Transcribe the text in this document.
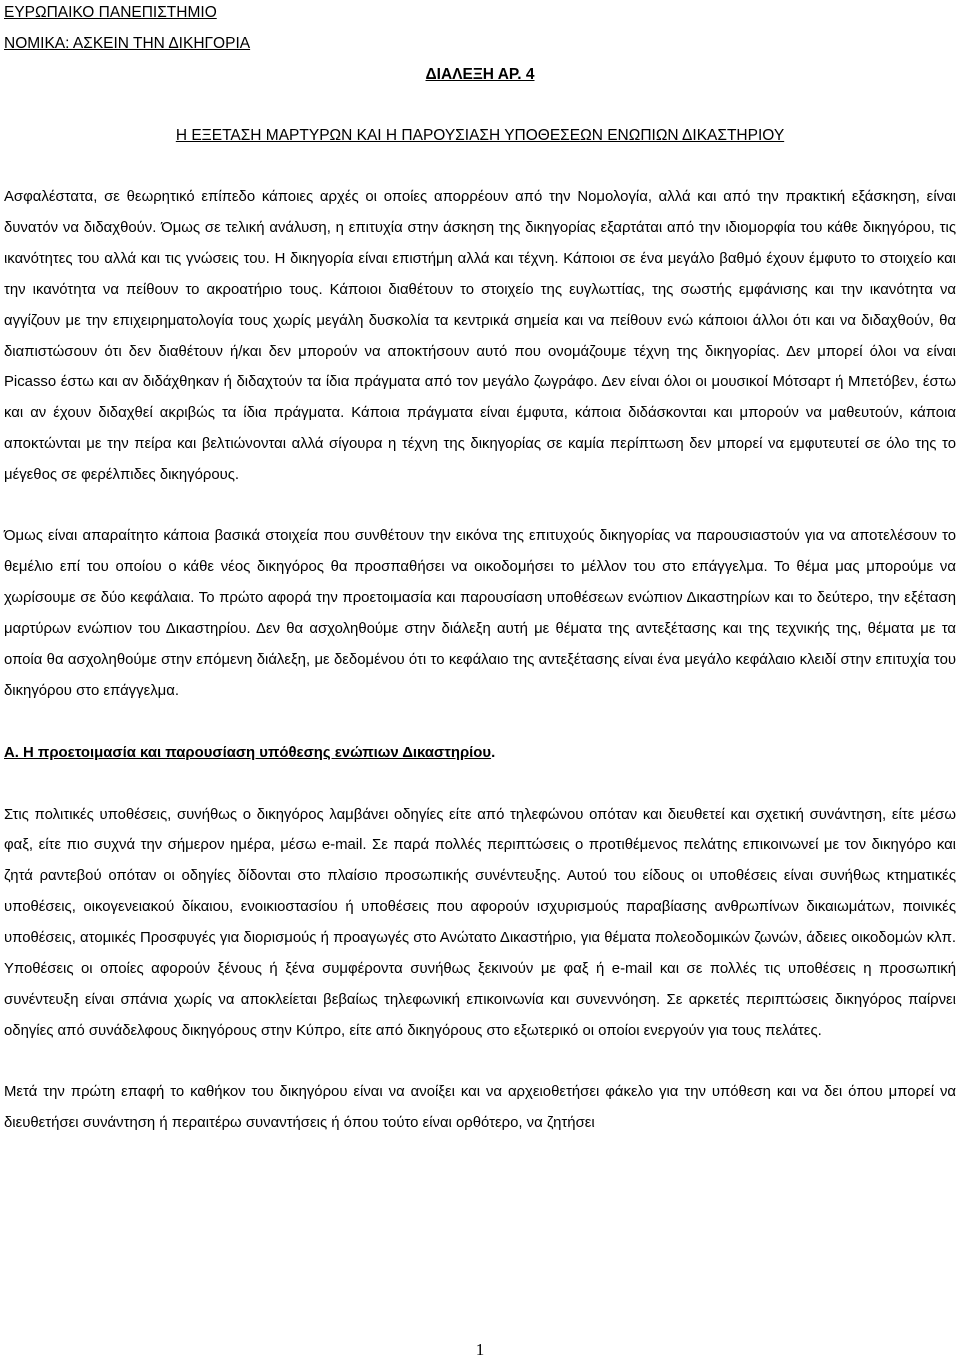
ΕΥΡΩΠΑΙΚΟ ΠΑΝΕΠΙΣΤΗΜΙΟ

ΝΟΜΙΚΑ: ΑΣΚΕΙΝ ΤΗΝ ΔΙΚΗΓΟΡΙΑ

ΔΙΑΛΕΞΗ ΑΡ. 4

Η ΕΞΕΤΑΣΗ ΜΑΡΤΥΡΩΝ ΚΑΙ Η ΠΑΡΟΥΣΙΑΣΗ ΥΠΟΘΕΣΕΩΝ ΕΝΩΠΙΩΝ ΔΙΚΑΣΤΗΡΙΟΥ

Ασφαλέστατα, σε θεωρητικό επίπεδο κάποιες αρχές οι οποίες απορρέουν από την Νομολογία, αλλά και από την πρακτική εξάσκηση, είναι δυνατόν να διδαχθούν. Όμως σε τελική ανάλυση, η επιτυχία στην άσκηση της δικηγορίας εξαρτάται από την ιδιομορφία του κάθε δικηγόρου, τις ικανότητες του αλλά και τις γνώσεις του. Η δικηγορία είναι επιστήμη αλλά και τέχνη. Κάποιοι σε ένα μεγάλο βαθμό έχουν έμφυτο το στοιχείο και την ικανότητα να πείθουν το ακροατήριο τους. Κάποιοι διαθέτουν το στοιχείο της ευγλωττίας, της σωστής εμφάνισης και την ικανότητα να αγγίζουν με την επιχειρηματολογία τους χωρίς μεγάλη δυσκολία τα κεντρικά σημεία και να πείθουν ενώ κάποιοι άλλοι ότι και να διδαχθούν, θα διαπιστώσουν ότι δεν διαθέτουν ή/και δεν μπορούν να αποκτήσουν αυτό που ονομάζουμε τέχνη της δικηγορίας. Δεν μπορεί όλοι να είναι Picasso έστω και αν διδάχθηκαν ή διδαχτούν τα ίδια πράγματα από τον μεγάλο ζωγράφο. Δεν είναι όλοι οι μουσικοί Μότσαρτ ή Μπετόβεν, έστω και αν έχουν διδαχθεί ακριβώς τα ίδια πράγματα. Κάποια πράγματα είναι έμφυτα, κάποια διδάσκονται και μπορούν να μαθευτούν, κάποια αποκτώνται με την πείρα και βελτιώνονται αλλά σίγουρα η τέχνη της δικηγορίας σε καμία περίπτωση δεν μπορεί να εμφυτευτεί σε όλο της το μέγεθος σε φερέλπιδες δικηγόρους.

Όμως είναι απαραίτητο κάποια βασικά στοιχεία που συνθέτουν την εικόνα της επιτυχούς δικηγορίας να παρουσιαστούν για να αποτελέσουν το θεμέλιο επί του οποίου ο κάθε νέος δικηγόρος θα προσπαθήσει να οικοδομήσει το μέλλον του στο επάγγελμα. Το θέμα μας μπορούμε να χωρίσουμε σε δύο κεφάλαια. Το πρώτο αφορά την προετοιμασία και παρουσίαση υποθέσεων ενώπιον Δικαστηρίων και το δεύτερο, την εξέταση μαρτύρων ενώπιον του Δικαστηρίου. Δεν θα ασχοληθούμε στην διάλεξη αυτή με θέματα της αντεξέτασης και της τεχνικής της, θέματα με τα οποία θα ασχοληθούμε στην επόμενη διάλεξη, με δεδομένου ότι το κεφάλαιο της αντεξέτασης είναι ένα μεγάλο κεφάλαιο κλειδί στην επιτυχία του δικηγόρου στο επάγγελμα.

Α. Η προετοιμασία και παρουσίαση υπόθεσης ενώπιων Δικαστηρίου.

Στις πολιτικές υποθέσεις, συνήθως ο δικηγόρος λαμβάνει οδηγίες είτε από τηλεφώνου οπόταν και διευθετεί και σχετική συνάντηση, είτε μέσω φαξ, είτε πιο συχνά την σήμερον ημέρα, μέσω e-mail. Σε παρά πολλές περιπτώσεις ο προτιθέμενος πελάτης επικοινωνεί με τον δικηγόρο και ζητά ραντεβού οπόταν οι οδηγίες δίδονται στο πλαίσιο προσωπικής συνέντευξης. Αυτού του είδους οι υποθέσεις είναι συνήθως κτηματικές υποθέσεις, οικογενειακού δίκαιου, ενοικιοστασίου ή υποθέσεις που αφορούν ισχυρισμούς παραβίασης ανθρωπίνων δικαιωμάτων, ποινικές υποθέσεις, ατομικές Προσφυγές για διορισμούς ή προαγωγές στο Ανώτατο Δικαστήριο, για θέματα πολεοδομικών ζωνών, άδειες οικοδομών κλπ. Υποθέσεις οι οποίες αφορούν ξένους ή ξένα συμφέροντα συνήθως ξεκινούν με φαξ ή e-mail και σε πολλές τις υποθέσεις η προσωπική συνέντευξη είναι σπάνια χωρίς να αποκλείεται βεβαίως τηλεφωνική επικοινωνία και συνεννόηση. Σε αρκετές περιπτώσεις δικηγόρος παίρνει οδηγίες από συνάδελφους δικηγόρους στην Κύπρο, είτε από δικηγόρους στο εξωτερικό οι οποίοι ενεργούν για τους πελάτες.

Μετά την πρώτη επαφή το καθήκον του δικηγόρου είναι να ανοίξει και να αρχειοθετήσει φάκελο για την υπόθεση και να δει όπου μπορεί να διευθετήσει συνάντηση ή περαιτέρω συναντήσεις ή όπου τούτο είναι ορθότερο, να ζητήσει

1
